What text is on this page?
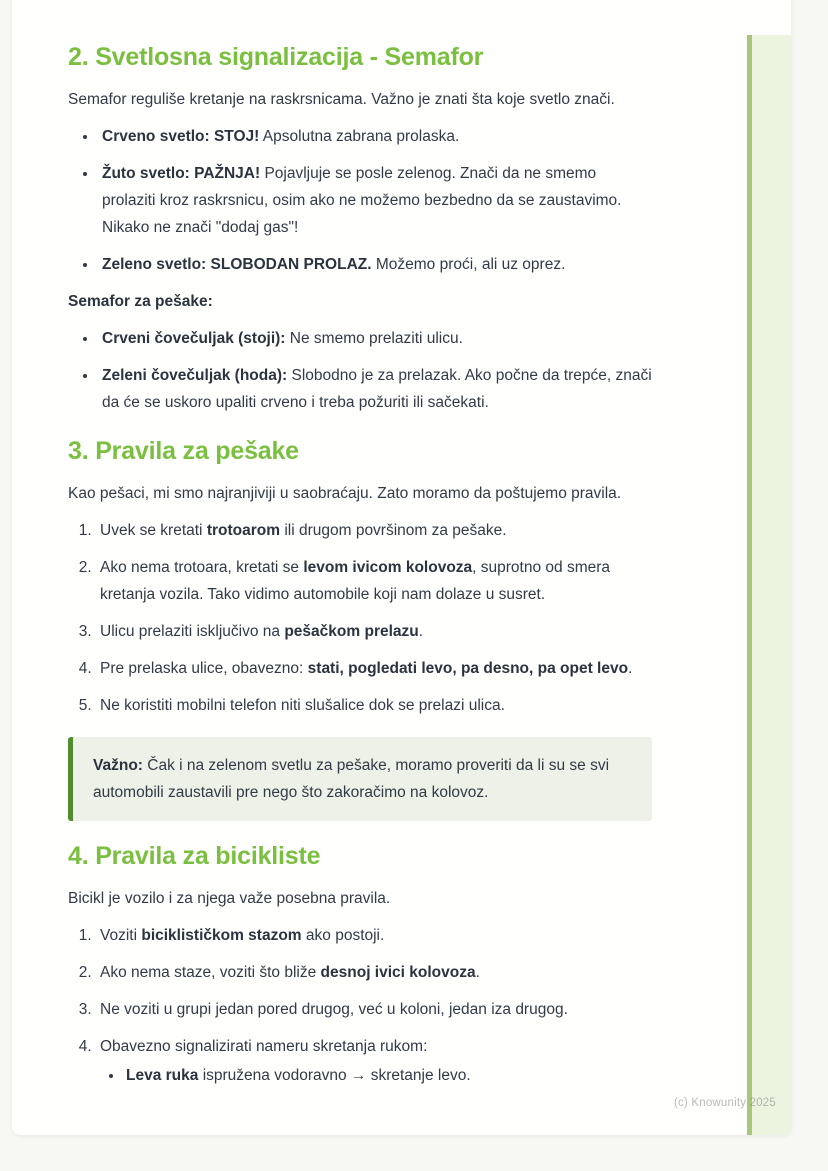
2. Svetlosna signalizacija - Semafor

Semafor reguliše kretanje na raskrsnicama. Važno je znati šta koje svetlo znači.

• Crveno svetlo: STOJ! Apsolutna zabrana prolaska.
• Žuto svetlo: PAŽNJA! Pojavljuje se posle zelenog. Znači da ne smemo prolaziti kroz raskrsnicu, osim ako ne možemo bezbedno da se zaustavimo. Nikako ne znači "dodaj gas"!
• Zeleno svetlo: SLOBODAN PROLAZ. Možemo proći, ali uz oprez.

Semafor za pešake:

• Crveni čovečuljak (stoji): Ne smemo prelaziti ulicu.
• Zeleni čovečuljak (hoda): Slobodno je za prelazak. Ako počne da trepće, znači da će se uskoro upaliti crveno i treba požuriti ili sačekati.
3. Pravila za pešake

Kao pešaci, mi smo najranjiviji u saobraćaju. Zato moramo da poštujemo pravila.

1. Uvek se kretati trotoarom ili drugom površinom za pešake.
2. Ako nema trotoara, kretati se levom ivicom kolovoza, suprotno od smera kretanja vozila. Tako vidimo automobile koji nam dolaze u susret.
3. Ulicu prelaziti isključivo na pešačkom prelazu.
4. Pre prelaska ulice, obavezno: stati, pogledati levo, pa desno, pa opet levo.
5. Ne koristiti mobilni telefon niti slušalice dok se prelazi ulica.

Važno: Čak i na zelenom svetlu za pešake, moramo proveriti da li su se svi automobili zaustavili pre nego što zakoračimo na kolovoz.

4. Pravila za bicikliste

Bicikl je vozilo i za njega važe posebna pravila.

1. Voziti biciklističkom stazom ako postoji.
2. Ako nema staze, voziti što bliže desnoj ivici kolovoza.
3. Ne voziti u grupi jedan pored drugog, već u koloni, jedan iza drugog.
4. Obavezno signalizirati nameru skretanja rukom:
• Leva ruka ispružena vodoravno → skretanje levo.
(c) Knowunity 2025
